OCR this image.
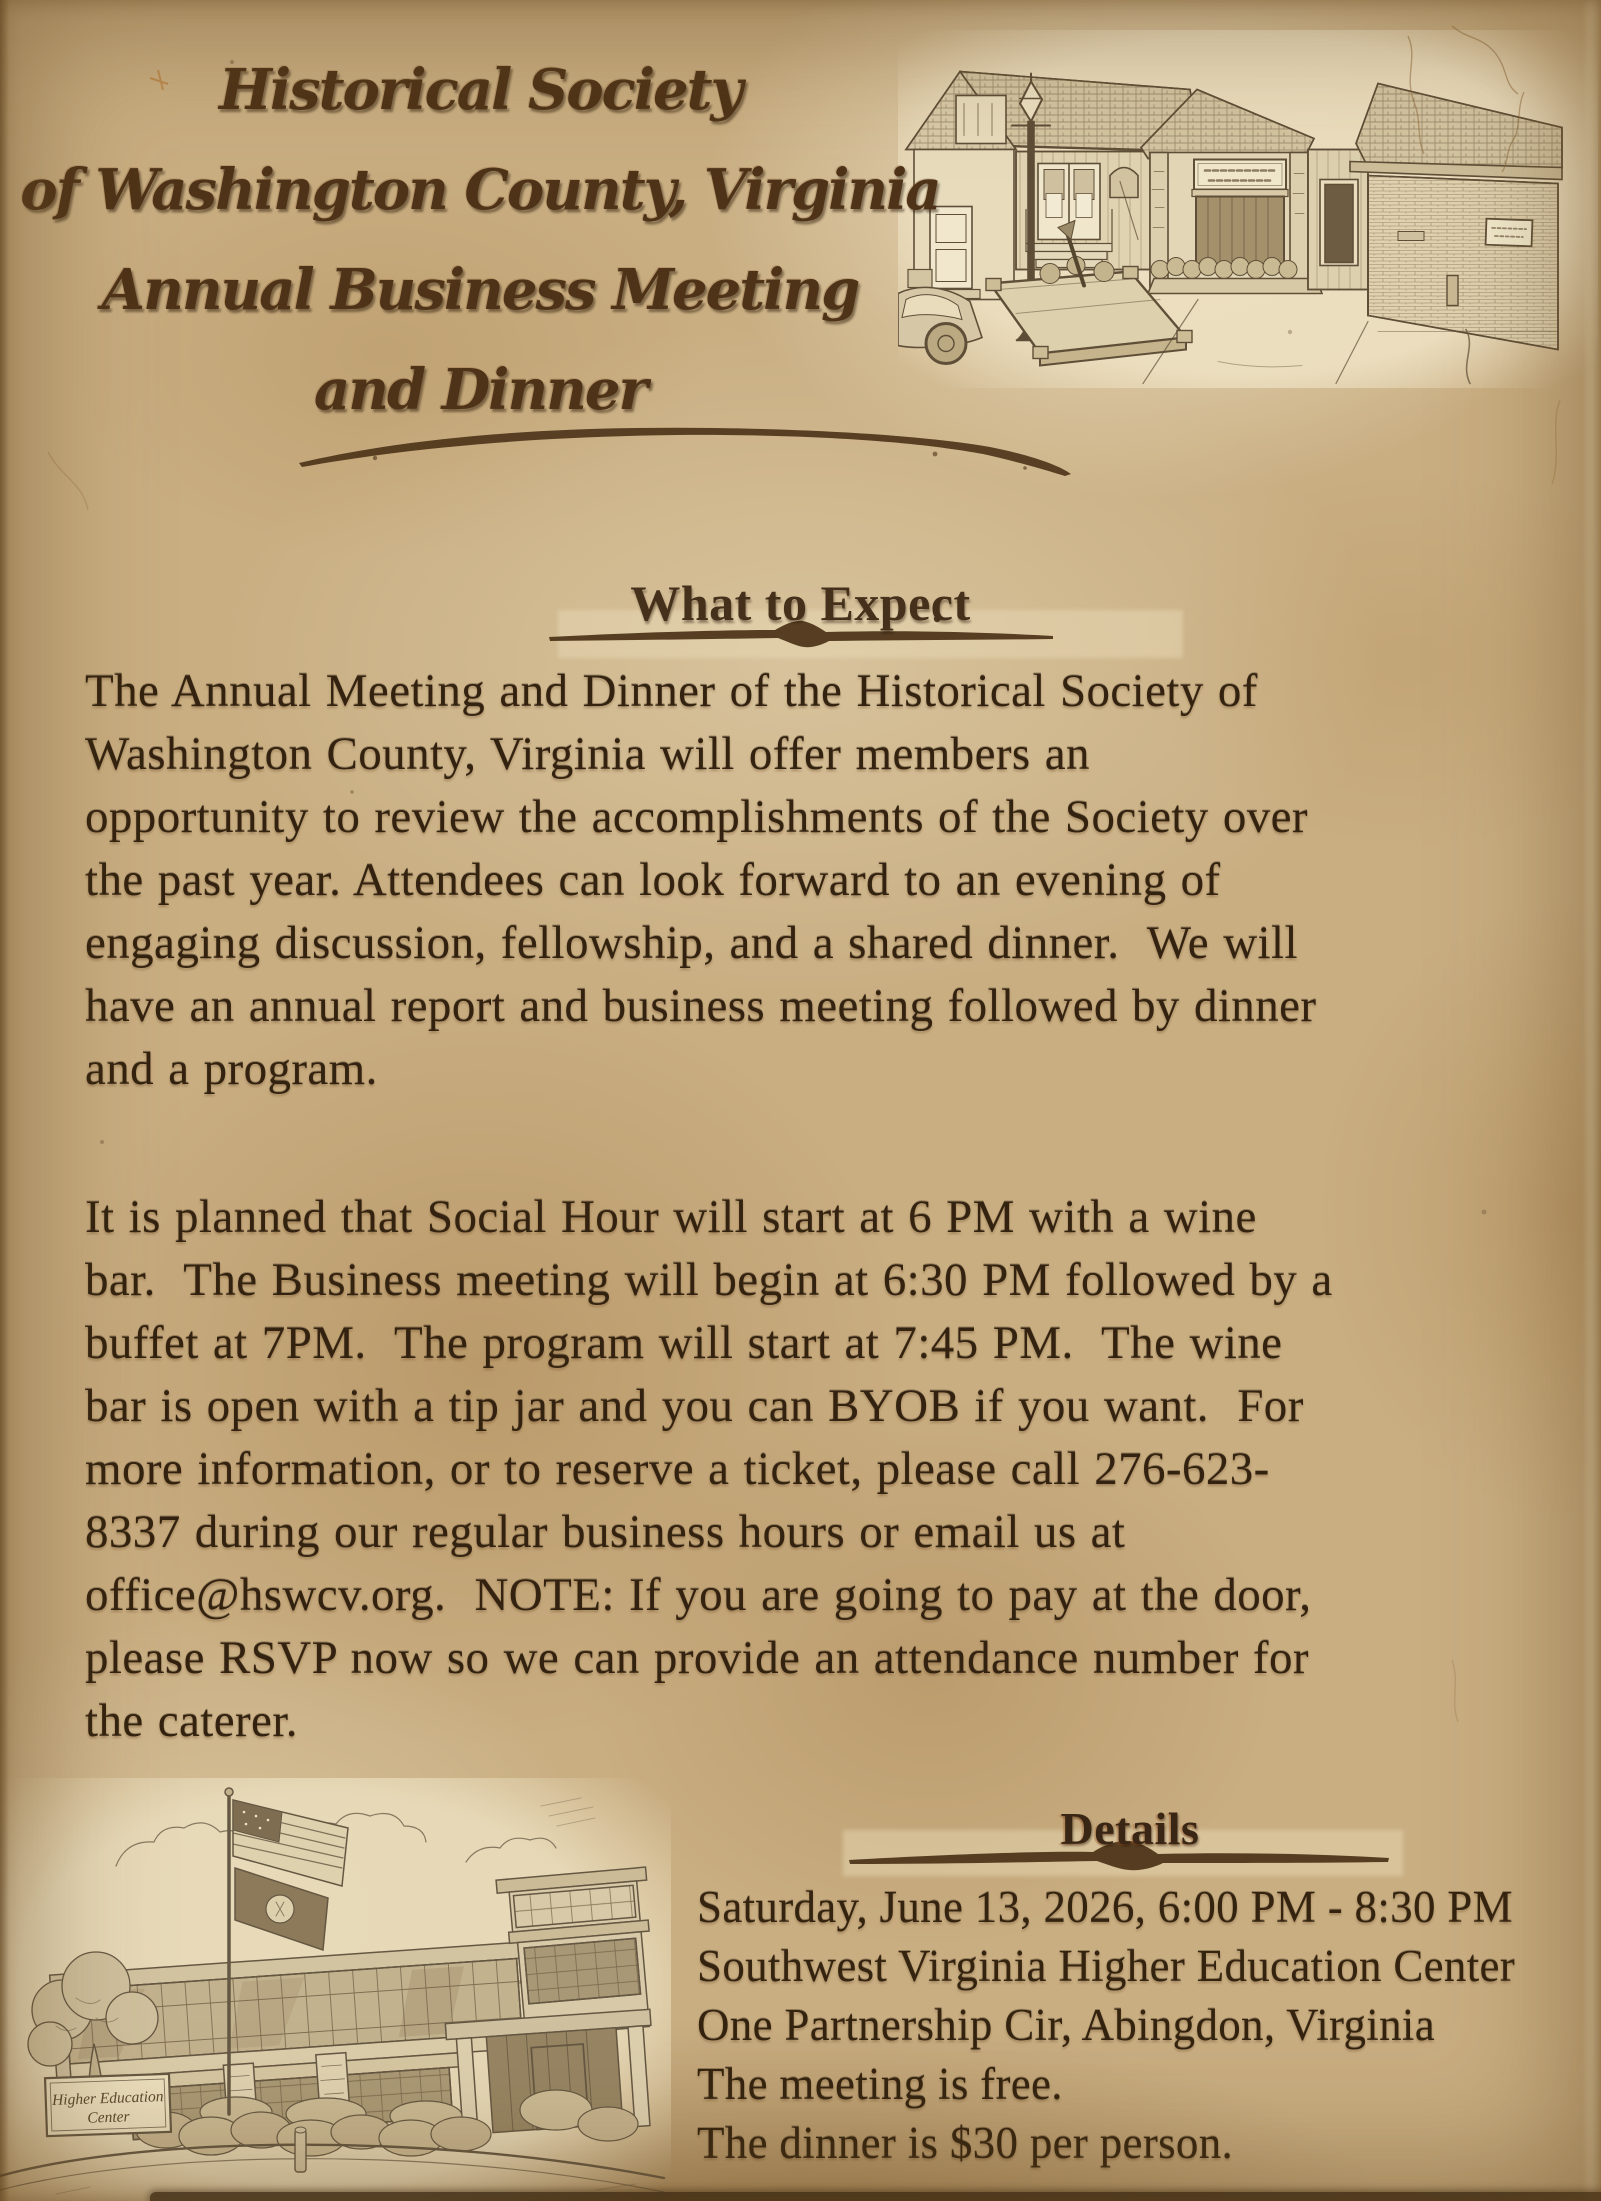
Historical Society
of Washington County, Virginia
Annual Business Meeting
and Dinner
What to Expect
The Annual Meeting and Dinner of the Historical Society of
Washington County, Virginia will offer members an
opportunity to review the accomplishments of the Society over
the past year. Attendees can look forward to an evening of
engaging discussion, fellowship, and a shared dinner.  We will
have an annual report and business meeting followed by dinner
and a program.
It is planned that Social Hour will start at 6 PM with a wine
bar.  The Business meeting will begin at 6:30 PM followed by a
buffet at 7PM.  The program will start at 7:45 PM.  The wine
bar is open with a tip jar and you can BYOB if you want.  For
more information, or to reserve a ticket, please call 276-623-
8337 during our regular business hours or email us at
office@hswcv.org.  NOTE: If you are going to pay at the door,
please RSVP now so we can provide an attendance number for
the caterer.
Details
Saturday, June 13, 2026, 6:00 PM - 8:30 PM
Southwest Virginia Higher Education Center
One Partnership Cir, Abingdon, Virginia
The meeting is free.
The dinner is $30 per person.
Higher Education
Center
